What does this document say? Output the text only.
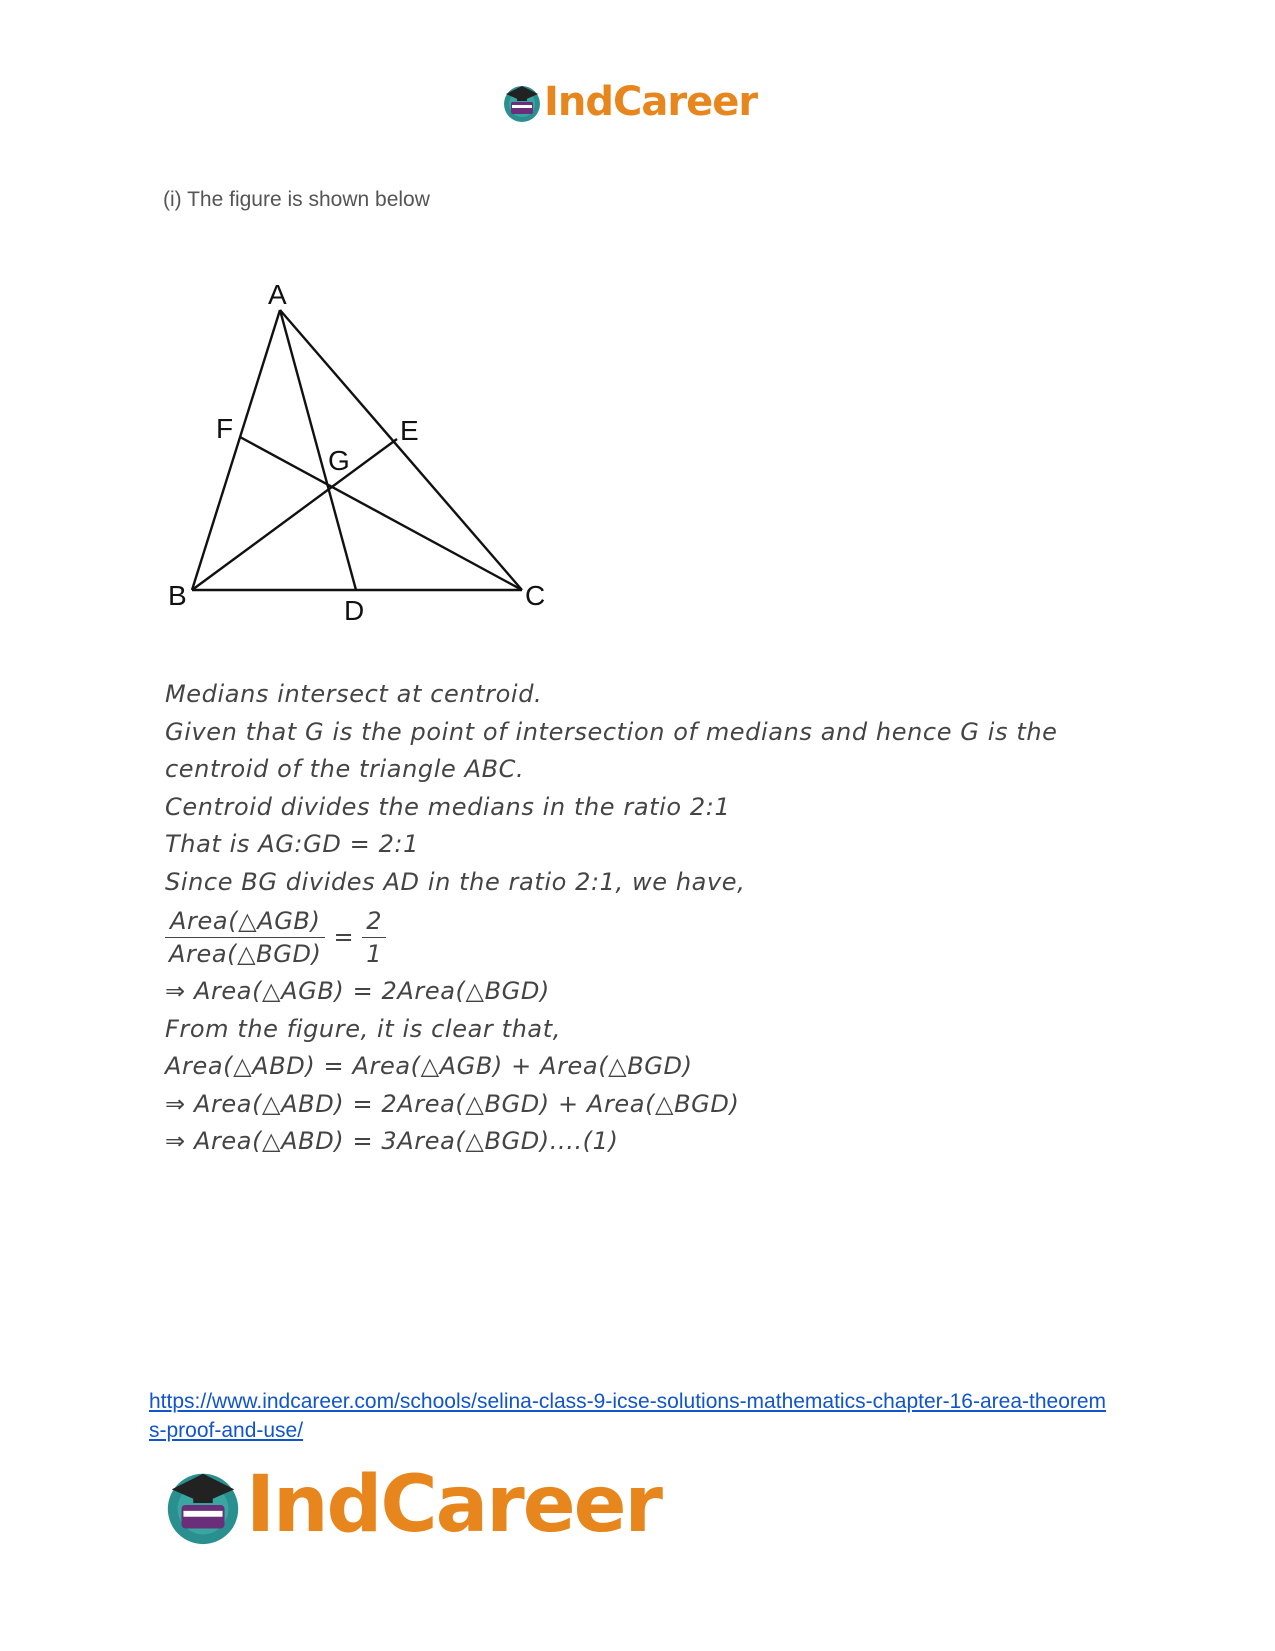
IndCareer
(i) The figure is shown below
A
B	C
D
E
F
G
Medians intersect at centroid.
Given that G is the point of intersection of medians and hence G is the
centroid of the triangle ABC.
Centroid divides the medians in the ratio 2:1
That is AG:GD = 2:1
Since BG divides AD in the ratio 2:1, we have,
$\frac{\text{Area(△AGB)}}{\text{Area(△BGD)}} = \frac{2}{1}$
⇒ Area(△AGB) = 2Area(△BGD)
From the figure, it is clear that,
Area(△ABD) = Area(△AGB) + Area(△BGD)
⇒ Area(△ABD) = 2Area(△BGD) + Area(△BGD)
⇒ Area(△ABD) = 3Area(△BGD)....(1)
https://www.indcareer.com/schools/selina-class-9-icse-solutions-mathematics-chapter-16-area-theorems-proof-and-use/
IndCareer
